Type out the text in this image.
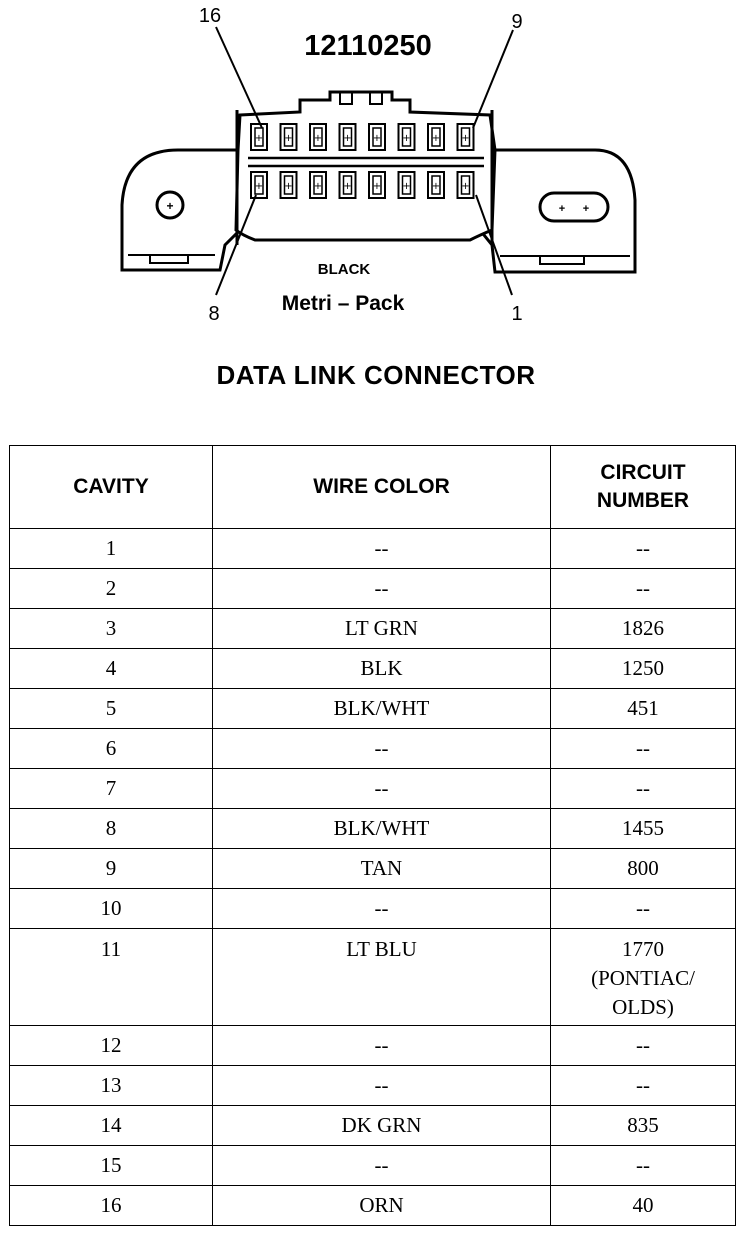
12110250
+	+ +
+ + + + + + + +
+ + + + + + + +
16	9
8	1
BLACK
Metri – Pack
DATA LINK CONNECTOR
CAVITY	WIRE COLOR	CIRCUIT
NUMBER

1	--	--
2	--	--
3	LT GRN	1826
4	BLK	1250
5	BLK/WHT	451
6	--	--
7	--	--
8	BLK/WHT	1455
9	TAN	800
10	--	--
11	LT BLU	1770
(PONTIAC/
OLDS)

12	--	--
13	--	--
14	DK GRN	835
15	--	--
16	ORN	40
